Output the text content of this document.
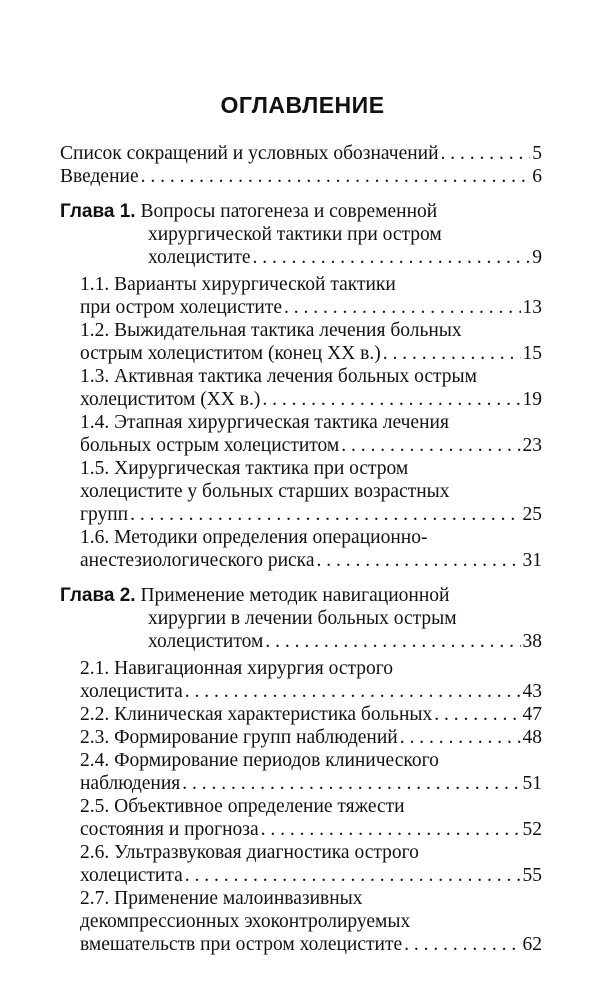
ОГЛАВЛЕНИЕ
Список сокращений и условных обозначений . . .	5
Введение . . .	6
Глава 1. Вопросы патогенеза и современной
хирургической тактики при остром
холецистите . . .	9
1.1. Варианты хирургической тактики
при остром холецистите . . .	13
1.2. Выжидательная тактика лечения больных
острым холециститом (конец XX в.) . . .	15
1.3. Активная тактика лечения больных острым
холециститом (XX в.) . . .	19
1.4. Этапная хирургическая тактика лечения
больных острым холециститом . . .	23
1.5. Хирургическая тактика при остром
холецистите у больных старших возрастных
групп . . .	25
1.6. Методики определения операционно-
анестезиологического риска . . .	31
Глава 2. Применение методик навигационной
хирургии в лечении больных острым
холециститом . . .	38
2.1. Навигационная хирургия острого
холецистита . . .	43
2.2. Клиническая характеристика больных . . .	47
2.3. Формирование групп наблюдений . . .	48
2.4. Формирование периодов клинического
наблюдения . . .	51
2.5. Объективное определение тяжести
состояния и прогноза . . .	52
2.6. Ультразвуковая диагностика острого
холецистита . . .	55
2.7. Применение малоинвазивных
декомпрессионных эхоконтролируемых
вмешательств при остром холецистите . . .	62
